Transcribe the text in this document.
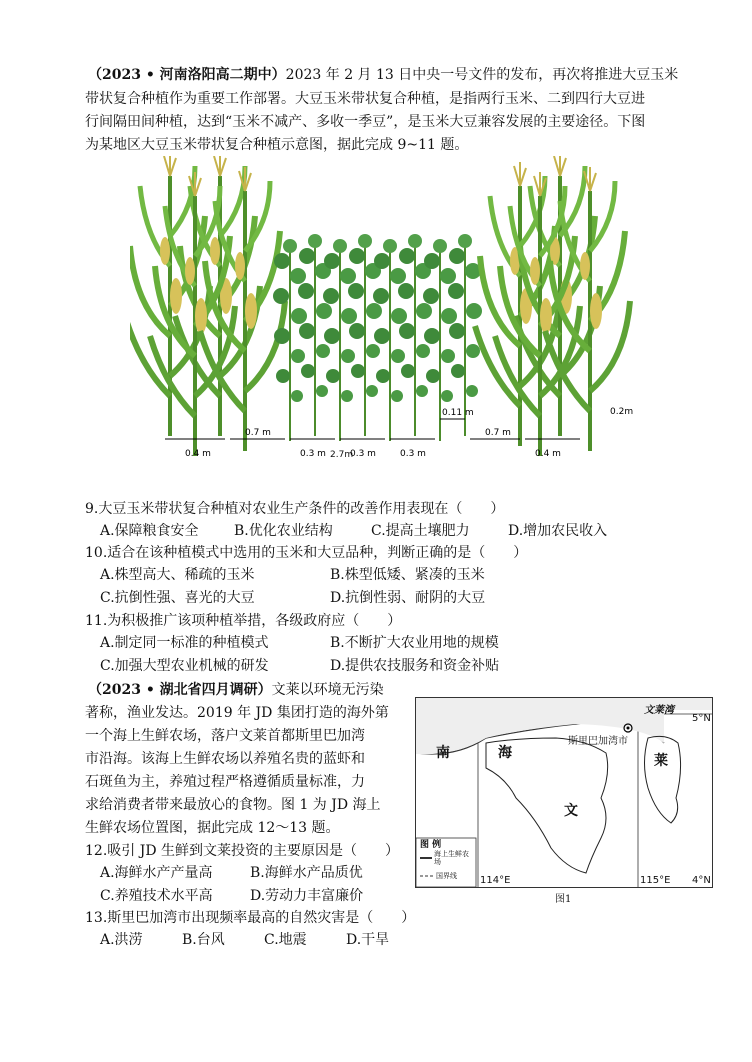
（2023 • 河南洛阳高二期中）2023 年 2 月 13 日中央一号文件的发布，再次将推进大豆玉米
带状复合种植作为重要工作部署。大豆玉米带状复合种植，是指两行玉米、二到四行大豆进
行间隔田间种植，达到“玉米不减产、多收一季豆”，是玉米大豆兼容发展的主要途径。下图
为某地区大豆玉米带状复合种植示意图，据此完成 9~11 题。
0.4 m
0.7 m
0.3 m	0.3 m	0.3 m
0.11 m
0.7 m
0.4 m
0.2m
2.7m
9.大豆玉米带状复合种植对农业生产条件的改善作用表现在（　　）
A.保障粮食安全	B.优化农业结构	C.提高土壤肥力	D.增加农民收入
10.适合在该种植模式中选用的玉米和大豆品种，判断正确的是（　　）
A.株型高大、稀疏的玉米	B.株型低矮、紧凑的玉米
C.抗倒性强、喜光的大豆	D.抗倒性弱、耐阴的大豆
11.为积极推广该项种植举措，各级政府应（　　）
A.制定同一标准的种植模式	B.不断扩大农业用地的规模
C.加强大型农业机械的研发	D.提供农技服务和资金补贴
（2023 • 湖北省四月调研）文莱以环境无污染
著称，渔业发达。2019 年 JD 集团打造的海外第
一个海上生鲜农场，落户文莱首都斯里巴加湾
市沿海。该海上生鲜农场以养殖名贵的蓝虾和
石斑鱼为主，养殖过程严格遵循质量标准，力
求给消费者带来最放心的食物。图 1 为 JD 海上
生鲜农场位置图，据此完成 12～13 题。
12.吸引 JD 生鲜到文莱投资的主要原因是（　　）
A.海鲜水产产量高	B.海鲜水产品质优
C.养殖技术水平高	D.劳动力丰富廉价
13.斯里巴加湾市出现频率最高的自然灾害是（　　）
A.洪涝	B.台风	C.地震	D.干旱
文莱湾
5°N
斯里巴加湾市
南	海
文
莱
图 例
海上生鲜农场
国界线 114°E	115°E 4°N
图1
